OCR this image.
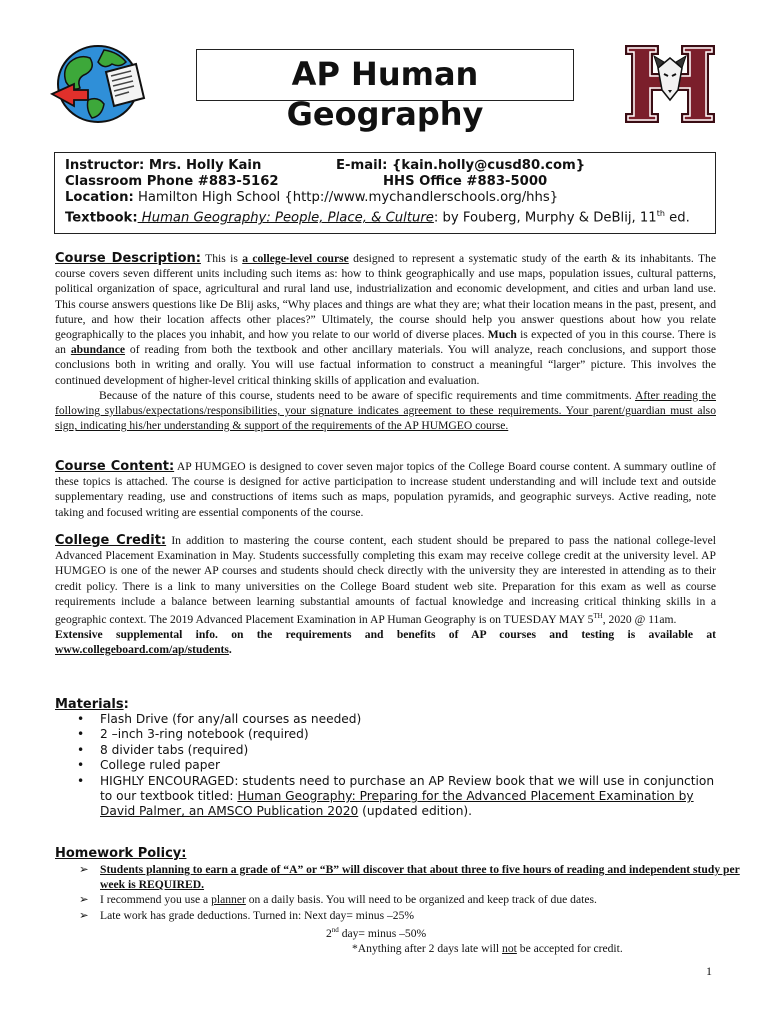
AP Human
Geography
Instructor: Mrs. Holly Kain	E-mail: {kain.holly@cusd80.com}
Classroom Phone #883-5162	HHS Office #883-5000
Location: Hamilton High School {http://www.mychandlerschools.org/hhs}
Textbook: Human Geography: People, Place, & Culture: by Fouberg, Murphy & DeBlij, 11th ed.
Course Description: This is a college-level course designed to represent a systematic study of the earth & its inhabitants. The course covers seven different units including such items as: how to think geographically and use maps, population issues, cultural patterns, political organization of space, agricultural and rural land use, industrialization and economic development, and cities and urban land use. This course answers questions like De Blij asks, “Why places and things are what they are; what their location means in the past, present, and future, and how their location affects other places?” Ultimately, the course should help you answer questions about how you relate geographically to the places you inhabit, and how you relate to our world of diverse places. Much is expected of you in this course. There is an abundance of reading from both the textbook and other ancillary materials. You will analyze, reach conclusions, and support those conclusions both in writing and orally. You will use factual information to construct a meaningful “larger” picture. This involves the continued development of higher-level critical thinking skills of application and evaluation.
Because of the nature of this course, students need to be aware of specific requirements and time commitments. After reading the following syllabus/expectations/responsibilities, your signature indicates agreement to these requirements. Your parent/guardian must also sign, indicating his/her understanding & support of the requirements of the AP HUMGEO course.
Course Content: AP HUMGEO is designed to cover seven major topics of the College Board course content. A summary outline of these topics is attached. The course is designed for active participation to increase student understanding and will include text and outside supplementary reading, use and constructions of items such as maps, population pyramids, and geographic surveys. Active reading, note taking and focused writing are essential components of the course.
College Credit: In addition to mastering the course content, each student should be prepared to pass the national college-level Advanced Placement Examination in May. Students successfully completing this exam may receive college credit at the university level. AP HUMGEO is one of the newer AP courses and students should check directly with the university they are interested in attending as to their credit policy. There is a link to many universities on the College Board student web site. Preparation for this exam as well as course requirements include a balance between learning substantial amounts of factual knowledge and increasing critical thinking skills in a geographic context. The 2019 Advanced Placement Examination in AP Human Geography is on TUESDAY MAY 5TH, 2020 @ 11am.
Extensive supplemental info. on the requirements and benefits of AP courses and testing is available at www.collegeboard.com/ap/students.
Materials:
• Flash Drive (for any/all courses as needed)
• 2 –inch 3-ring notebook (required)
• 8 divider tabs (required)
• College ruled paper
• HIGHLY ENCOURAGED: students need to purchase an AP Review book that we will use in conjunction to our textbook titled: Human Geography: Preparing for the Advanced Placement Examination by David Palmer, an AMSCO Publication 2020 (updated edition).
Homework Policy:
➢ Students planning to earn a grade of “A” or “B” will discover that about three to five hours of reading and independent study per week is REQUIRED.
➢ I recommend you use a planner on a daily basis. You will need to be organized and keep track of due dates.
➢ Late work has grade deductions. Turned in: Next day= minus –25%
2nd day= minus –50%
*Anything after 2 days late will not be accepted for credit.
1
